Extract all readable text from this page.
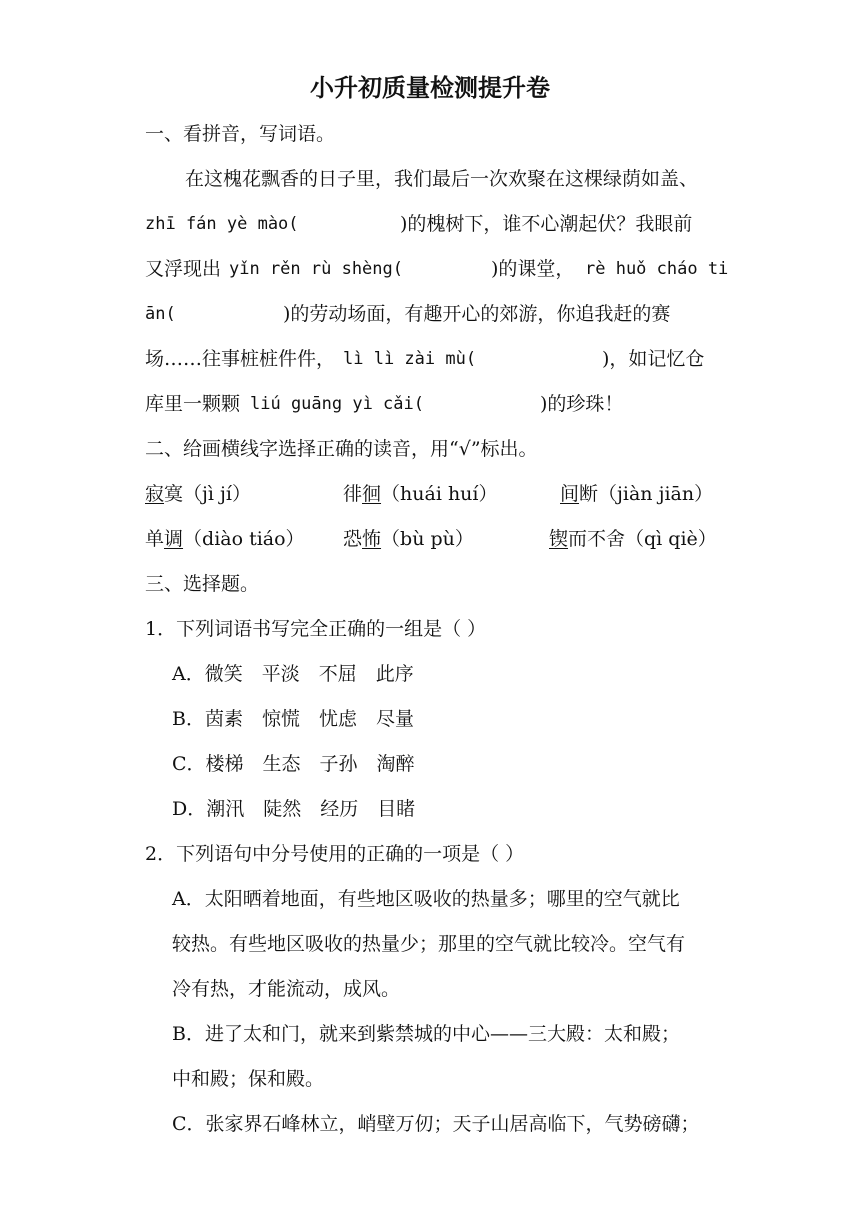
小升初质量检测提升卷
一、看拼音，写词语。
在这槐花飘香的日子里，我们最后一次欢聚在这棵绿荫如盖、
zhī fán yè mào(	)的槐树下，谁不心潮起伏？我眼前
又浮现出 yǐn rěn rù shèng(	)的课堂， rè huǒ cháo ti
ān(	)的劳动场面，有趣开心的郊游，你追我赶的赛
场……往事桩桩件件， lì lì zài mù(	)，如记忆仓
库里一颗颗 liú guāng yì cǎi(	)的珍珠！
二、给画横线字选择正确的读音，用“√”标出。
寂寞（jì jí）	徘徊（huái huí）	间断（jiàn jiān）
单调（diào tiáo） 恐怖（bù pù）	锲而不舍（qì qiè）
三、选择题。
1．下列词语书写完全正确的一组是（ ）
A．微笑　平淡　不屈　此序
B．茵素　惊慌　忧虑　尽量
C．楼梯　生态　子孙　淘醉
D．潮汛　陡然　经历　目睹
2．下列语句中分号使用的正确的一项是（ ）
A．太阳晒着地面，有些地区吸收的热量多；哪里的空气就比
较热。有些地区吸收的热量少；那里的空气就比较冷。空气有
冷有热，才能流动，成风。
B．进了太和门，就来到紫禁城的中心——三大殿：太和殿；
中和殿；保和殿。
C．张家界石峰林立，峭壁万仞；天子山居高临下，气势磅礴；
